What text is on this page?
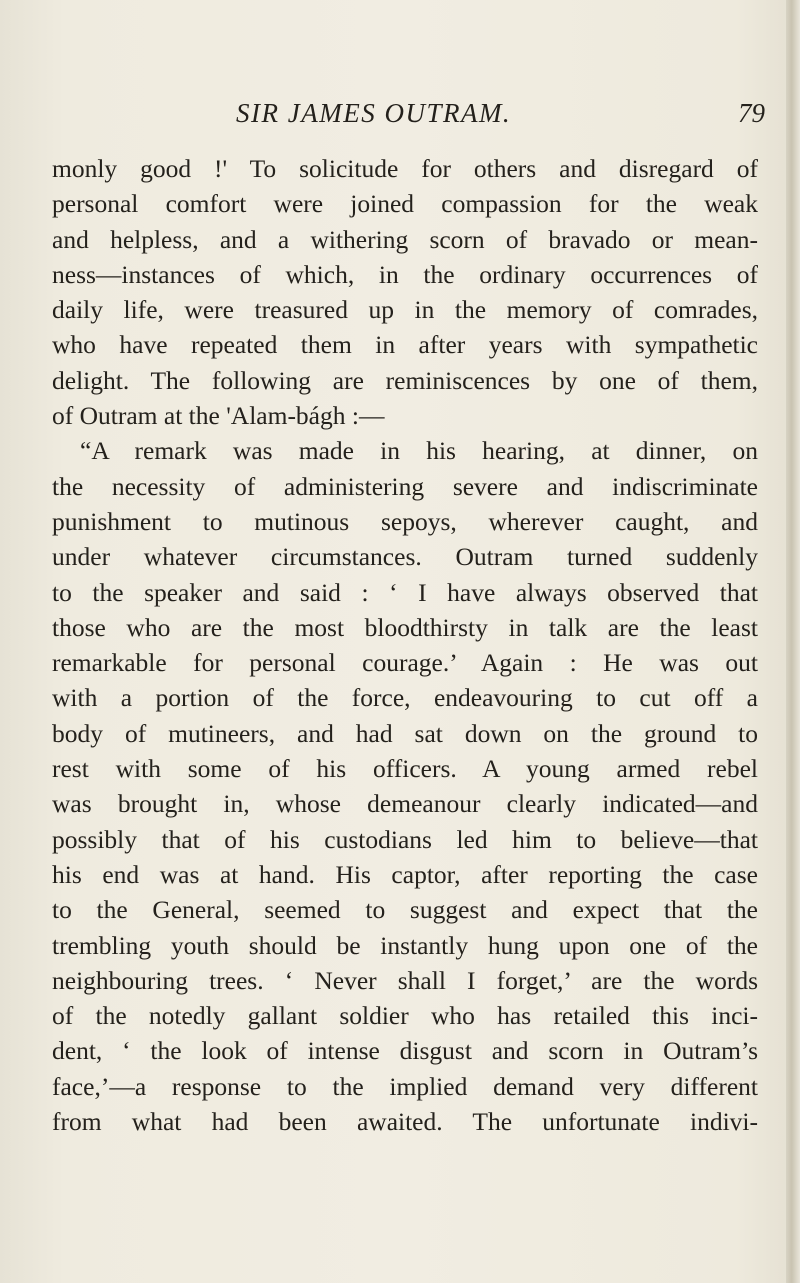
SIR JAMES OUTRAM.	79
monly good !' To solicitude for others and disregard of
personal comfort were joined compassion for the weak
and helpless, and a withering scorn of bravado or mean-
ness—instances of which, in the ordinary occurrences of
daily life, were treasured up in the memory of comrades,
who have repeated them in after years with sympathetic
delight. The following are reminiscences by one of them,
of Outram at the 'Alam-bágh :—
“A remark was made in his hearing, at dinner, on
the necessity of administering severe and indiscriminate
punishment to mutinous sepoys, wherever caught, and
under whatever circumstances. Outram turned suddenly
to the speaker and said : ‘ I have always observed that
those who are the most bloodthirsty in talk are the least
remarkable for personal courage.’ Again : He was out
with a portion of the force, endeavouring to cut off a
body of mutineers, and had sat down on the ground to
rest with some of his officers. A young armed rebel
was brought in, whose demeanour clearly indicated—and
possibly that of his custodians led him to believe—that
his end was at hand. His captor, after reporting the case
to the General, seemed to suggest and expect that the
trembling youth should be instantly hung upon one of the
neighbouring trees. ‘ Never shall I forget,’ are the words
of the notedly gallant soldier who has retailed this inci-
dent, ‘ the look of intense disgust and scorn in Outram’s
face,’—a response to the implied demand very different
from what had been awaited. The unfortunate indivi-
